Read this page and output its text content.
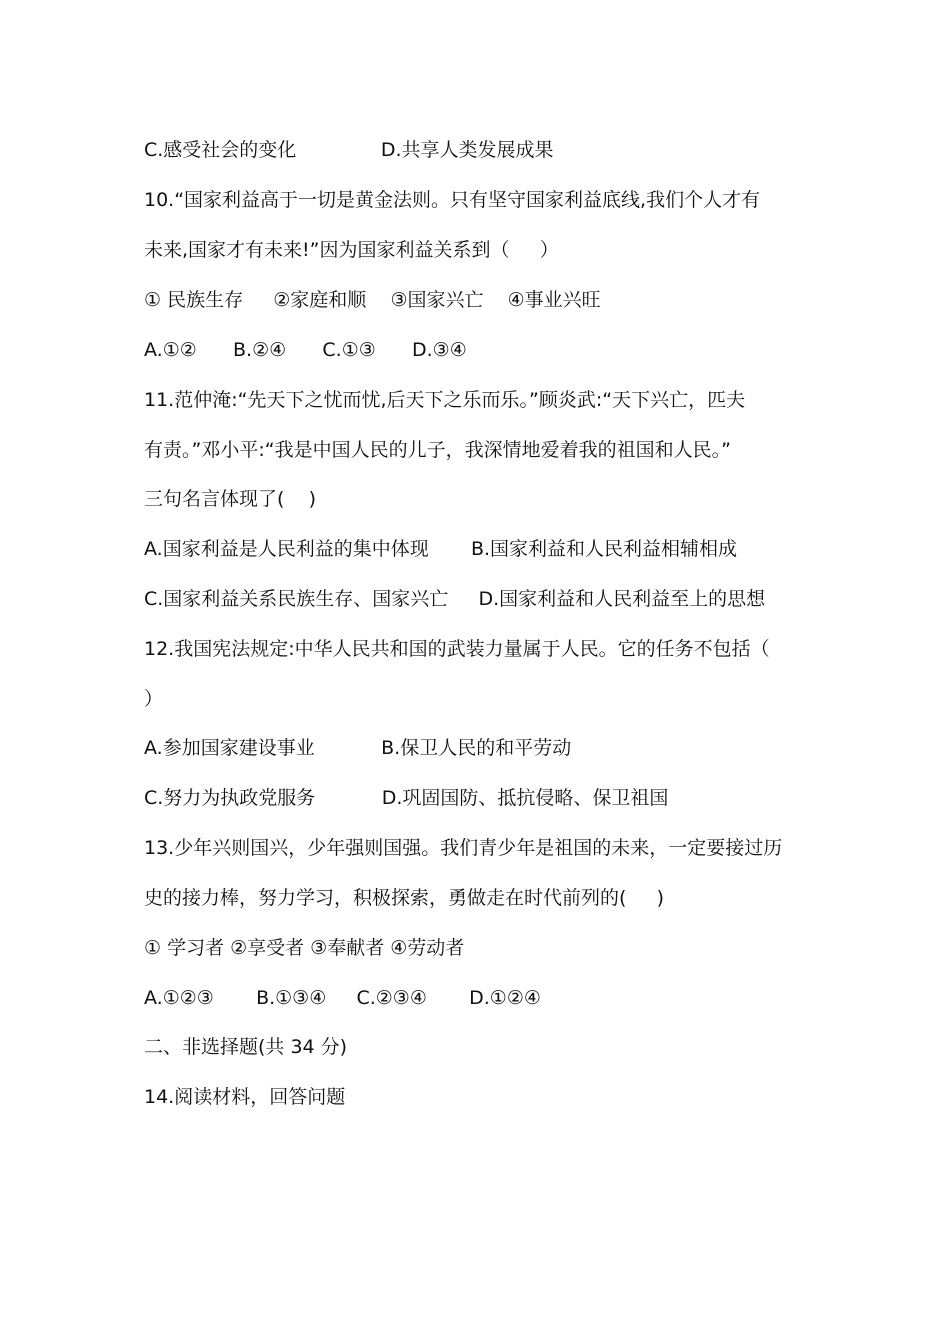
C.感受社会的变化              D.共享人类发展成果
10.“国家利益高于一切是黄金法则。只有坚守国家利益底线,我们个人才有
未来,国家才有未来!”因为国家利益关系到（     ）
① 民族生存     ②家庭和顺    ③国家兴亡    ④事业兴旺
A.①②      B.②④      C.①③      D.③④
11.范仲淹:“先天下之忧而忧,后天下之乐而乐。”顾炎武:“天下兴亡，匹夫
有责。”邓小平:“我是中国人民的儿子，我深情地爱着我的祖国和人民。”
三句名言体现了(    )
A.国家利益是人民利益的集中体现       B.国家利益和人民利益相辅相成
C.国家利益关系民族生存、国家兴亡     D.国家利益和人民利益至上的思想
12.我国宪法规定:中华人民共和国的武装力量属于人民。它的任务不包括（
）
A.参加国家建设事业           B.保卫人民的和平劳动
C.努力为执政党服务           D.巩固国防、抵抗侵略、保卫祖国
13.少年兴则国兴，少年强则国强。我们青少年是祖国的未来，一定要接过历
史的接力棒，努力学习，积极探索，勇做走在时代前列的(     )
① 学习者 ②享受者 ③奉献者 ④劳动者
A.①②③       B.①③④     C.②③④       D.①②④
二、非选择题(共 34 分)
14.阅读材料，回答问题
